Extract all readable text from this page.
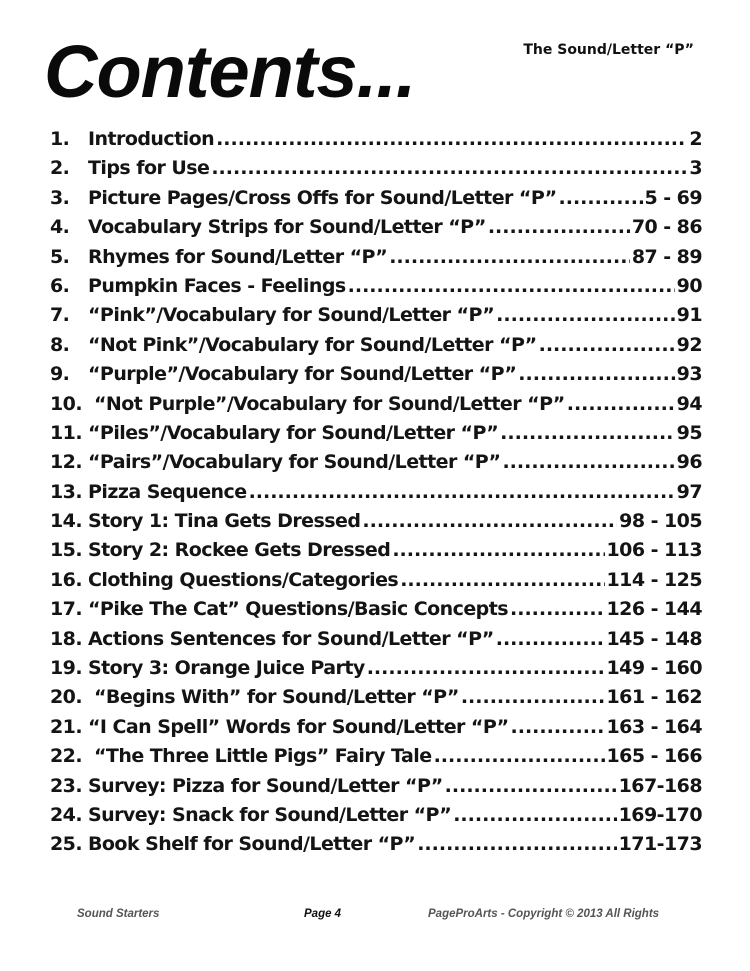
Contents...	The Sound/Letter “P”
1. Introduction .....	2
2. Tips for Use .....	3
3. Picture Pages/Cross Offs for Sound/Letter “P” .....	5 - 69
4. Vocabulary Strips for Sound/Letter “P” .....	70 - 86
5. Rhymes for Sound/Letter “P” .....	87 - 89
6. Pumpkin Faces - Feelings .....	90
7. “Pink”/Vocabulary for Sound/Letter “P” .....	91
8. “Not Pink”/Vocabulary for Sound/Letter “P” .....	92
9. “Purple”/Vocabulary for Sound/Letter “P” .....	93
10. “Not Purple”/Vocabulary for Sound/Letter “P” .....	94
11. “Piles”/Vocabulary for Sound/Letter “P” .....	95
12. “Pairs”/Vocabulary for Sound/Letter “P” .....	96
13. Pizza Sequence .....	97
14. Story 1: Tina Gets Dressed .....	98 - 105
15. Story 2: Rockee Gets Dressed .....	106 - 113
16. Clothing Questions/Categories .....	114 - 125
17. “Pike The Cat” Questions/Basic Concepts .....	126 - 144
18. Actions Sentences for Sound/Letter “P” .....	145 - 148
19. Story 3: Orange Juice Party .....	149 - 160
20. “Begins With” for Sound/Letter “P” .....	161 - 162
21. “I Can Spell” Words for Sound/Letter “P” .....	163 - 164
22. “The Three Little Pigs” Fairy Tale .....	165 - 166
23. Survey: Pizza for Sound/Letter “P” .....	167-168
24. Survey: Snack for Sound/Letter “P” .....	169-170
25. Book Shelf for Sound/Letter “P” .....	171-173
Sound Starters	Page 4	PageProArts - Copyright © 2013 All Rights
